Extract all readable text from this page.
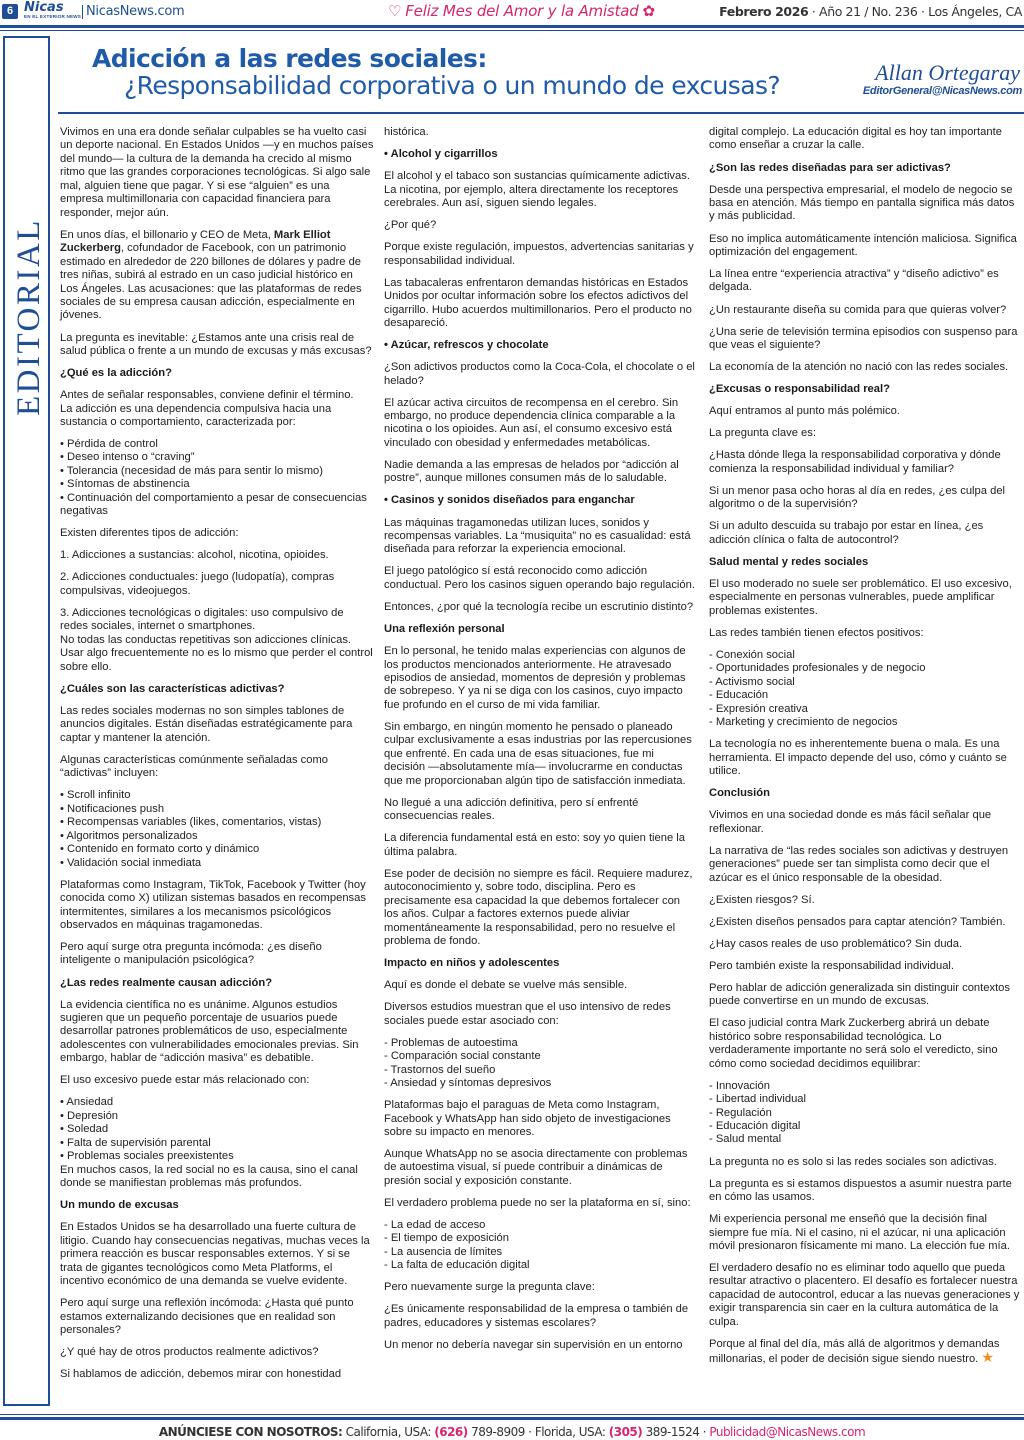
6 Nicas
EN EL EXTERIOR NEWS NicasNews.com	♡ Feliz Mes del Amor y la Amistad ✿	Febrero 2026 · Año 21 / No. 236 · Los Ángeles, CA
EDITORIAL
Adicción a las redes sociales:
¿Responsabilidad corporativa o un mundo de excusas?	Allan Ortegaray
EditorGeneral@NicasNews.com

Vivimos en una era donde señalar culpables se ha vuelto casi un deporte nacional. En Estados Unidos —y en muchos países del mundo— la cultura de la demanda ha crecido al mismo ritmo que las grandes corporaciones tecnológicas. Si algo sale mal, alguien tiene que pagar. Y si ese “alguien” es una empresa multimillonaria con capacidad financiera para responder, mejor aún.

En unos días, el billonario y CEO de Meta, Mark Elliot Zuckerberg, cofundador de Facebook, con un patrimonio estimado en alrededor de 220 billones de dólares y padre de tres niñas, subirá al estrado en un caso judicial histórico en Los Ángeles. Las acusaciones: que las plataformas de redes sociales de su empresa causan adicción, especialmente en jóvenes.

La pregunta es inevitable: ¿Estamos ante una crisis real de salud pública o frente a un mundo de excusas y más excusas?

¿Qué es la adicción?

Antes de señalar responsables, conviene definir el término.

La adicción es una dependencia compulsiva hacia una sustancia o comportamiento, caracterizada por:

• Pérdida de control
• Deseo intenso o “craving”
• Tolerancia (necesidad de más para sentir lo mismo)
• Síntomas de abstinencia
• Continuación del comportamiento a pesar de consecuencias negativas

Existen diferentes tipos de adicción:

1. Adicciones a sustancias: alcohol, nicotina, opioides.

2. Adicciones conductuales: juego (ludopatía), compras compulsivas, videojuegos.

3. Adicciones tecnológicas o digitales: uso compulsivo de redes sociales, internet o smartphones.

No todas las conductas repetitivas son adicciones clínicas. Usar algo frecuentemente no es lo mismo que perder el control sobre ello.

¿Cuáles son las características adictivas?

Las redes sociales modernas no son simples tablones de anuncios digitales. Están diseñadas estratégicamente para captar y mantener la atención.

Algunas características comúnmente señaladas como “adictivas” incluyen:

• Scroll infinito
• Notificaciones push
• Recompensas variables (likes, comentarios, vistas)
• Algoritmos personalizados
• Contenido en formato corto y dinámico
• Validación social inmediata

Plataformas como Instagram, TikTok, Facebook y Twitter (hoy conocida como X) utilizan sistemas basados en recompensas intermitentes, similares a los mecanismos psicológicos observados en máquinas tragamonedas.

Pero aquí surge otra pregunta incómoda: ¿es diseño inteligente o manipulación psicológica?

¿Las redes realmente causan adicción?

La evidencia científica no es unánime. Algunos estudios sugieren que un pequeño porcentaje de usuarios puede desarrollar patrones problemáticos de uso, especialmente adolescentes con vulnerabilidades emocionales previas. Sin embargo, hablar de “adicción masiva” es debatible.

El uso excesivo puede estar más relacionado con:

• Ansiedad
• Depresión
• Soledad
• Falta de supervisión parental
• Problemas sociales preexistentes

En muchos casos, la red social no es la causa, sino el canal donde se manifiestan problemas más profundos.

Un mundo de excusas

En Estados Unidos se ha desarrollado una fuerte cultura de litigio. Cuando hay consecuencias negativas, muchas veces la primera reacción es buscar responsables externos. Y si se trata de gigantes tecnológicos como Meta Platforms, el incentivo económico de una demanda se vuelve evidente.

Pero aquí surge una reflexión incómoda: ¿Hasta qué punto estamos externalizando decisiones que en realidad son personales?

¿Y qué hay de otros productos realmente adictivos?

Si hablamos de adicción, debemos mirar con honestidad

histórica.

• Alcohol y cigarrillos

El alcohol y el tabaco son sustancias químicamente adictivas. La nicotina, por ejemplo, altera directamente los receptores cerebrales. Aun así, siguen siendo legales.

¿Por qué?

Porque existe regulación, impuestos, advertencias sanitarias y responsabilidad individual.

Las tabacaleras enfrentaron demandas históricas en Estados Unidos por ocultar información sobre los efectos adictivos del cigarrillo. Hubo acuerdos multimillonarios. Pero el producto no desapareció.

• Azúcar, refrescos y chocolate

¿Son adictivos productos como la Coca-Cola, el chocolate o el helado?

El azúcar activa circuitos de recompensa en el cerebro. Sin embargo, no produce dependencia clínica comparable a la nicotina o los opioides. Aun así, el consumo excesivo está vinculado con obesidad y enfermedades metabólicas.

Nadie demanda a las empresas de helados por “adicción al postre”, aunque millones consumen más de lo saludable.

• Casinos y sonidos diseñados para enganchar

Las máquinas tragamonedas utilizan luces, sonidos y recompensas variables. La “musiquita” no es casualidad: está diseñada para reforzar la experiencia emocional.

El juego patológico sí está reconocido como adicción conductual. Pero los casinos siguen operando bajo regulación.

Entonces, ¿por qué la tecnología recibe un escrutinio distinto?

Una reflexión personal

En lo personal, he tenido malas experiencias con algunos de los productos mencionados anteriormente. He atravesado episodios de ansiedad, momentos de depresión y problemas de sobrepeso. Y ya ni se diga con los casinos, cuyo impacto fue profundo en el curso de mi vida familiar.

Sin embargo, en ningún momento he pensado o planeado culpar exclusivamente a esas industrias por las repercusiones que enfrenté. En cada una de esas situaciones, fue mi decisión —absolutamente mía— involucrarme en conductas que me proporcionaban algún tipo de satisfacción inmediata.

No llegué a una adicción definitiva, pero sí enfrenté consecuencias reales.

La diferencia fundamental está en esto: soy yo quien tiene la última palabra.

Ese poder de decisión no siempre es fácil. Requiere madurez, autoconocimiento y, sobre todo, disciplina. Pero es precisamente esa capacidad la que debemos fortalecer con los años. Culpar a factores externos puede aliviar momentáneamente la responsabilidad, pero no resuelve el problema de fondo.

Impacto en niños y adolescentes

Aquí es donde el debate se vuelve más sensible.

Diversos estudios muestran que el uso intensivo de redes sociales puede estar asociado con:

- Problemas de autoestima
- Comparación social constante
- Trastornos del sueño
- Ansiedad y síntomas depresivos

Plataformas bajo el paraguas de Meta como Instagram, Facebook y WhatsApp han sido objeto de investigaciones sobre su impacto en menores.

Aunque WhatsApp no se asocia directamente con problemas de autoestima visual, sí puede contribuir a dinámicas de presión social y exposición constante.

El verdadero problema puede no ser la plataforma en sí, sino:

- La edad de acceso
- El tiempo de exposición
- La ausencia de límites
- La falta de educación digital

Pero nuevamente surge la pregunta clave:

¿Es únicamente responsabilidad de la empresa o también de padres, educadores y sistemas escolares?

Un menor no debería navegar sin supervisión en un entorno

digital complejo. La educación digital es hoy tan importante como enseñar a cruzar la calle.

¿Son las redes diseñadas para ser adictivas?

Desde una perspectiva empresarial, el modelo de negocio se basa en atención. Más tiempo en pantalla significa más datos y más publicidad.

Eso no implica automáticamente intención maliciosa. Significa optimización del engagement.

La línea entre “experiencia atractiva” y “diseño adictivo” es delgada.

¿Un restaurante diseña su comida para que quieras volver?

¿Una serie de televisión termina episodios con suspenso para que veas el siguiente?

La economía de la atención no nació con las redes sociales.

¿Excusas o responsabilidad real?

Aquí entramos al punto más polémico.

La pregunta clave es:

¿Hasta dónde llega la responsabilidad corporativa y dónde comienza la responsabilidad individual y familiar?

Si un menor pasa ocho horas al día en redes, ¿es culpa del algoritmo o de la supervisión?

Si un adulto descuida su trabajo por estar en línea, ¿es adicción clínica o falta de autocontrol?

Salud mental y redes sociales

El uso moderado no suele ser problemático. El uso excesivo, especialmente en personas vulnerables, puede amplificar problemas existentes.

Las redes también tienen efectos positivos:

- Conexión social
- Oportunidades profesionales y de negocio
- Activismo social
- Educación
- Expresión creativa
- Marketing y crecimiento de negocios

La tecnología no es inherentemente buena o mala. Es una herramienta. El impacto depende del uso, cómo y cuánto se utilice.

Conclusión

Vivimos en una sociedad donde es más fácil señalar que reflexionar.

La narrativa de “las redes sociales son adictivas y destruyen generaciones” puede ser tan simplista como decir que el azúcar es el único responsable de la obesidad.

¿Existen riesgos? Sí.

¿Existen diseños pensados para captar atención? También.

¿Hay casos reales de uso problemático? Sin duda.

Pero también existe la responsabilidad individual.

Pero hablar de adicción generalizada sin distinguir contextos puede convertirse en un mundo de excusas.

El caso judicial contra Mark Zuckerberg abrirá un debate histórico sobre responsabilidad tecnológica. Lo verdaderamente importante no será solo el veredicto, sino cómo como sociedad decidimos equilibrar:

- Innovación
- Libertad individual
- Regulación
- Educación digital
- Salud mental

La pregunta no es solo si las redes sociales son adictivas.

La pregunta es si estamos dispuestos a asumir nuestra parte en cómo las usamos.

Mi experiencia personal me enseñó que la decisión final siempre fue mía. Ni el casino, ni el azúcar, ni una aplicación móvil presionaron físicamente mi mano. La elección fue mía.

El verdadero desafío no es eliminar todo aquello que pueda resultar atractivo o placentero. El desafío es fortalecer nuestra capacidad de autocontrol, educar a las nuevas generaciones y exigir transparencia sin caer en la cultura automática de la culpa.

Porque al final del día, más allá de algoritmos y demandas millonarias, el poder de decisión sigue siendo nuestro. ★

ANÚNCIESE CON NOSOTROS: California, USA: (626) 789-8909 · Florida, USA: (305) 389-1524 · Publicidad@NicasNews.com
